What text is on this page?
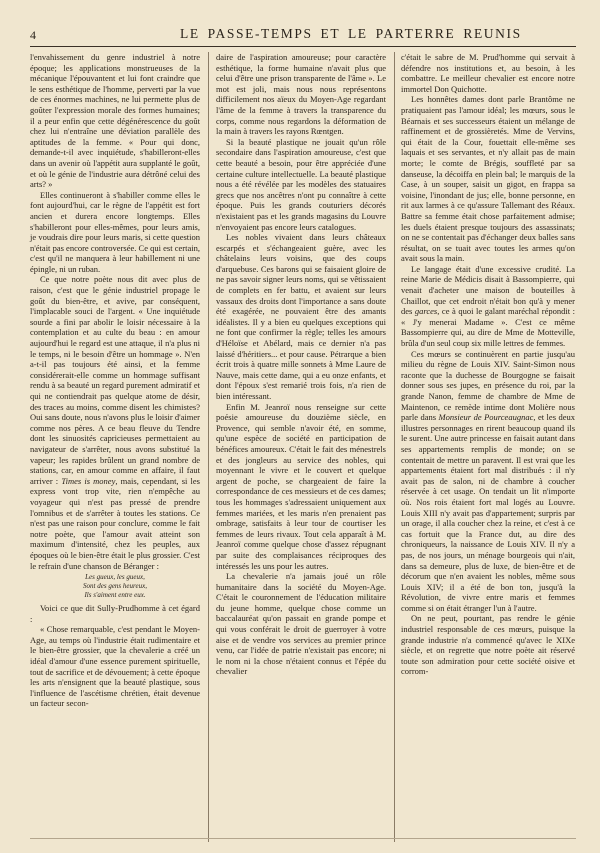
4	LE PASSE-TEMPS ET LE PARTERRE REUNIS

l'envahissement du genre industriel à notre époque; les applications monstrueuses de la mécanique l'épouvantent et lui font craindre que le sens esthétique de l'homme, perverti par la vue de ces énormes machines, ne lui permette plus de goûter l'expression morale des formes humaines; il a peur enfin que cette dégénérescence du goût chez lui n'entraîne une déviation parallèle des aptitudes de la femme. « Pour qui donc, demande-t-il avec inquiétude, s'habilleront-elles dans un avenir où l'appétit aura supplanté le goût, et où le génie de l'industrie aura détrôné celui des arts? »

Elles continueront à s'habiller comme elles le font aujourd'hui, car le règne de l'appétit est fort ancien et durera encore longtemps. Elles s'habilleront pour elles-mêmes, pour leurs amis, je voudrais dire pour leurs maris, si cette question n'était pas encore controversée. Ce qui est certain, c'est qu'il ne manquera à leur habillement ni une épingle, ni un ruban.

Ce que notre poète nous dit avec plus de raison, c'est que le génie industriel propage le goût du bien-être, et avive, par conséquent, l'implacable souci de l'argent. « Une inquiétude sourde a fini par abolir le loisir nécessaire à la contemplation et au culte du beau : en amour aujourd'hui le regard est une attaque, il n'a plus ni le temps, ni le besoin d'être un hommage ». N'en a-t-il pas toujours été ainsi, et la femme considérerait-elle comme un hommage suffisant rendu à sa beauté un regard purement admiratif et qui ne contiendrait pas quelque atome de désir, des traces au moins, comme disent les chimistes? Oui sans doute, nous n'avons plus le loisir d'aimer comme nos pères. A ce beau fleuve du Tendre dont les sinuosités capricieuses permettaient au navigateur de s'arrêter, nous avons substitué la vapeur; les rapides brûlent un grand nombre de stations, car, en amour comme en affaire, il faut arriver : Times is money, mais, cependant, si les express vont trop vite, rien n'empêche au voyageur qui n'est pas pressé de prendre l'omnibus et de s'arrêter à toutes les stations. Ce n'est pas une raison pour conclure, comme le fait notre poète, que l'amour avait atteint son maximum d'intensité, chez les peuples, aux époques où le bien-être était le plus grossier. C'est le refrain d'une chanson de Béranger :

Les gueux, les gueux,
Sont des gens heureux,
Ils s'aiment entre eux.

Voici ce que dit Sully-Prudhomme à cet égard :

« Chose remarquable, c'est pendant le Moyen-Age, au temps où l'industrie était rudimentaire et le bien-être grossier, que la chevalerie a créé un idéal d'amour d'une essence purement spirituelle, tout de sacrifice et de dévouement; à cette époque les arts n'ensignent que la beauté plastique, sous l'influence de l'ascétisme chrétien, était devenue un facteur secon-

daire de l'aspiration amoureuse; pour caractère esthétique, la forme humaine n'avait plus que celui d'être une prison transparente de l'âme ». Le mot est joli, mais nous nous représentons difficilement nos aïeux du Moyen-Age regardant l'âme de la femme à travers la transparence du corps, comme nous regardons la déformation de la main à travers les rayons Rœntgen.

Si la beauté plastique ne jouait qu'un rôle secondaire dans l'aspiration amoureuse, c'est que cette beauté a besoin, pour être appréciée d'une certaine culture intellectuelle. La beauté plastique nous a été révélée par les modèles des statuaires grecs que nos ancêtres n'ont pu connaître à cette époque. Puis les grands couturiers décorés n'existaient pas et les grands magasins du Louvre n'envoyaient pas encore leurs catalogues.

Les nobles vivaient dans leurs châteaux escarpés et s'échangeaient guère, avec les châtelains leurs voisins, que des coups d'arquebuse. Ces barons qui se faisaient gloire de ne pas savoir signer leurs noms, qui se vêtissaient de complets en fer battu, et avaient sur leurs vassaux des droits dont l'importance a sans doute été exagérée, ne pouvaient être des amants idéalistes. Il y a bien eu quelques exceptions qui ne font que confirmer la règle; telles les amours d'Héloïse et Abélard, mais ce dernier n'a pas laissé d'héritiers... et pour cause. Pétrarque a bien écrit trois à quatre mille sonnets à Mme Laure de Nauve, mais cette dame, qui a eu onze enfants, et dont l'époux s'est remarié trois fois, n'a rien de bien intéressant.

Enfin M. Jeanroï nous renseigne sur cette poésie amoureuse du douzième siècle, en Provence, qui semble n'avoir été, en somme, qu'une espèce de société en participation de bénéfices amoureux. C'était le fait des ménestrels et des jongleurs au service des nobles, qui moyennant le vivre et le couvert et quelque argent de poche, se chargeaient de faire la correspondance de ces messieurs et de ces dames; tous les hommages s'adressaient uniquement aux femmes mariées, et les maris n'en prenaient pas ombrage, satisfaits à leur tour de courtiser les femmes de leurs rivaux. Tout cela apparaît à M. Jeanroï comme quelque chose d'assez répugnant par suite des complaisances réciproques des intéressés les uns pour les autres.

La chevalerie n'a jamais joué un rôle humanitaire dans la société du Moyen-Age. C'était le couronnement de l'éducation militaire du jeune homme, quelque chose comme un baccalauréat qu'on passait en grande pompe et qui vous conférait le droit de guerroyer à votre aise et de vendre vos services au premier prince venu, car l'idée de patrie n'existait pas encore; ni le nom ni la chose n'étaient connus et l'épée du chevalier

c'était le sabre de M. Prud'homme qui servait à défendre nos institutions et, au besoin, à les combattre. Le meilleur chevalier est encore notre immortel Don Quichotte.

Les honnêtes dames dont parle Brantôme ne pratiquaient pas l'amour idéal; les mœurs, sous le Béarnais et ses successeurs étaient un mélange de raffinement et de grossièretés. Mme de Vervins, qui était de la Cour, fouettait elle-même ses laquais et ses servantes, et n'y allait pas de main morte; le comte de Brégis, souffleté par sa danseuse, la décoiffa en plein bal; le marquis de la Case, à un souper, saisit un gigot, en frappa sa voisine, l'inondant de jus; elle, bonne personne, en rit aux larmes à ce qu'assure Tallemant des Réaux. Battre sa femme était chose parfaitement admise; les duels étaient presque toujours des assassinats; on ne se contentait pas d'échanger deux balles sans résultat, on se tuait avec toutes les armes qu'on avait sous la main.

Le langage était d'une excessive crudité. La reine Marie de Médicis disait à Bassompierre, qui venait d'acheter une maison de bouteilles à Chaillot, que cet endroit n'était bon qu'à y mener des garces, ce à quoi le galant maréchal répondit : « J'y menerai Madame ». C'est ce même Bassompierre qui, au dire de Mme de Motteville, brûla d'un seul coup six mille lettres de femmes.

Ces mœurs se continuèrent en partie jusqu'au milieu du règne de Louis XIV. Saint-Simon nous raconte que la duchesse de Bourgogne se faisait donner sous ses jupes, en présence du roi, par la grande Nanon, femme de chambre de Mme de Maintenon, ce remède intime dont Molière nous parle dans Monsieur de Pourceaugnac, et les deux illustres personnages en rirent beaucoup quand ils le surent. Une autre princesse en faisait autant dans ses appartements remplis de monde; on se contentait de mettre un paravent. Il est vrai que les appartements étaient fort mal distribués : il n'y avait pas de salon, ni de chambre à coucher réservée à cet usage. On tendait un lit n'importe où. Nos rois étaient fort mal logés au Louvre. Louis XIII n'y avait pas d'appartement; surpris par un orage, il alla coucher chez la reine, et c'est à ce cas fortuit que la France dut, au dire des chroniqueurs, la naissance de Louis XIV. Il n'y a pas, de nos jours, un ménage bourgeois qui n'ait, dans sa demeure, plus de luxe, de bien-être et de décorum que n'en avaient les nobles, même sous Louis XIV; il a été de bon ton, jusqu'à la Révolution, de vivre entre maris et femmes comme si on était étranger l'un à l'autre.

On ne peut, pourtant, pas rendre le génie industriel responsable de ces mœurs, puisque la grande industrie n'a commencé qu'avec le XIXe siècle, et on regrette que notre poète ait réservé toute son admiration pour cette société oisive et corrom-
